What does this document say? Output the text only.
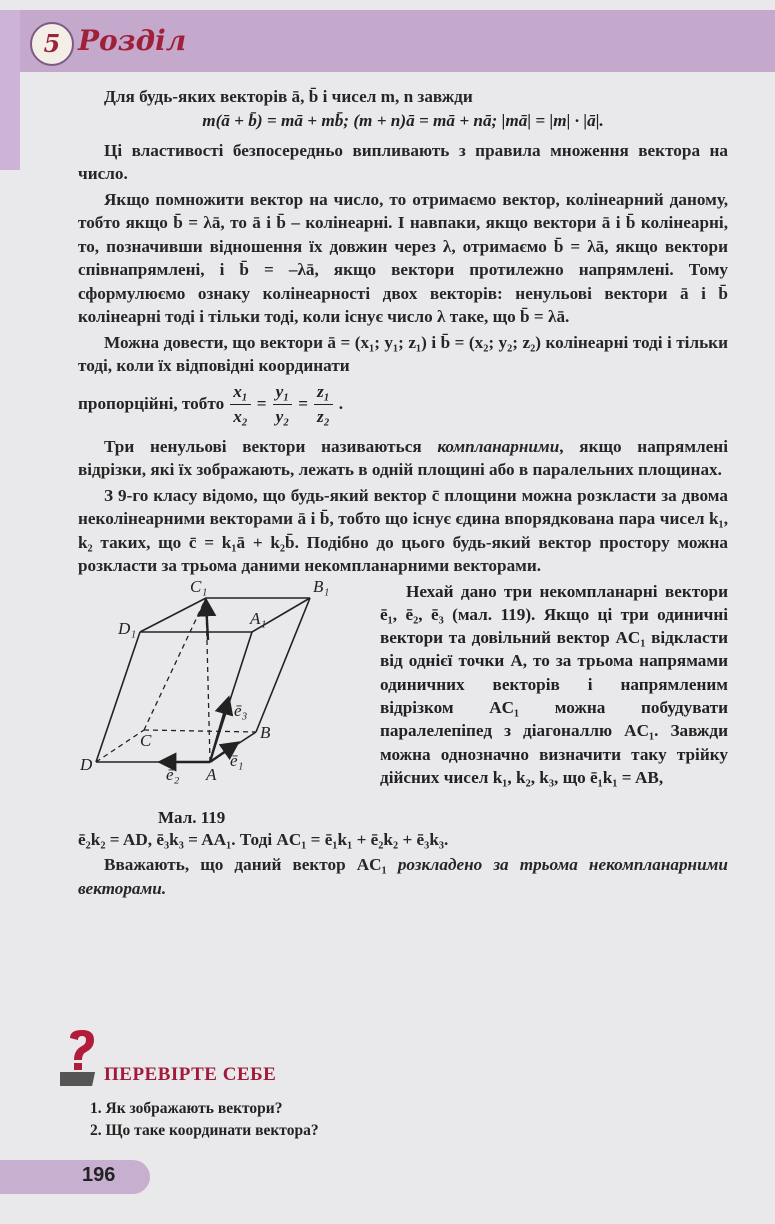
5 Розділ

Для будь-яких векторів ā, b̄ і чисел m, n завжди

m(ā + b̄) = mā + mb̄; (m + n)ā = mā + nā; |mā| = |m| · |ā|.

Ці властивості безпосередньо випливають з правила множення вектора на число.

Якщо помножити вектор на число, то отримаємо вектор, колінеарний даному, тобто якщо b̄ = λā, то ā і b̄ – колінеарні. І навпаки, якщо вектори ā і b̄ колінеарні, то, позначивши відношення їх довжин через λ, отримаємо b̄ = λā, якщо вектори співнапрямлені, і b̄ = –λā, якщо вектори протилежно напрямлені. Тому сформулюємо ознаку колінеарності двох векторів: ненульові вектори ā і b̄ колінеарні тоді і тільки тоді, коли існує число λ таке, що b̄ = λā.

Можна довести, що вектори ā = (x₁; y₁; z₁) і b̄ = (x₂; y₂; z₂) колінеарні тоді і тільки тоді, коли їх відповідні координати

пропорційні, тобто $\frac{\text{x₁}}{\text{x₂}} = \frac{\text{y₁}}{\text{y₂}} = \frac{\text{z₁}}{\text{z₂}}$ .

Три ненульові вектори називаються компланарними, якщо напрямлені відрізки, які їх зображають, лежать в одній площині або в паралельних площинах.

З 9-го класу відомо, що будь-який вектор c̄ площини можна розкласти за двома неколінеарними векторами ā і b̄, тобто що існує єдина впорядкована пара чисел k₁, k₂ таких, що c̄ = k₁ā + k₂b̄. Подібно до цього будь-який вектор простору можна розкласти за трьома даними некомпланарними векторами.

C₁	B₁
D₁
A₁
C	B
D
A
ē₁
ē₂
ē₃
Мал. 119
Нехай дано три некомпланарні вектори ē₁, ē₂, ē₃ (мал. 119). Якщо ці три одиничні вектори та довільний вектор AC₁ відкласти від однієї точки A, то за трьома напрямами одиничних векторів і напрямленим відрізком AC₁ можна побудувати паралелепіпед з діагоналлю AC₁. Завжди можна однозначно визначити таку трійку дійсних чисел k₁, k₂, k₃, що ē₁k₁ = AB,

ē₂k₂ = AD, ē₃k₃ = AA₁. Тоді AC₁ = ē₁k₁ + ē₂k₂ + ē₃k₃.

Вважають, що даний вектор AC₁ розкладено за трьома некомпланарними векторами.

ПЕРЕВІРТЕ СЕБЕ
1. Як зображають вектори?
2. Що таке координати вектора?
196
